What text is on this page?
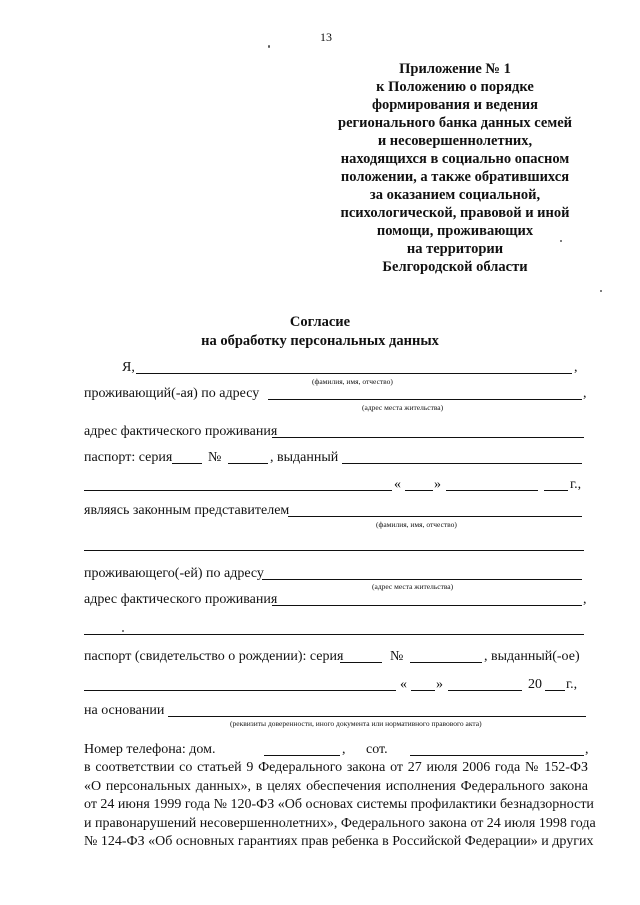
13
Приложение № 1
к Положению о порядке
формирования и ведения
регионального банка данных семей
и несовершеннолетних,
находящихся в социально опасном
положении, а также обратившихся
за оказанием социальной,
психологической, правовой и иной
помощи, проживающих
на территории
Белгородской области
Согласие
на обработку персональных данных
Я,	,
(фамилия, имя, отчество)
проживающий(-ая) по адресу	,
(адрес места жительства)
адрес фактического проживания
паспорт: серия	№	, выданный
« »	г.,
являясь законным представителем
(фамилия, имя, отчество)
проживающего(-ей) по адресу
(адрес места жительства)
адрес фактического проживания	,
паспорт (свидетельство о рождении): серия	№	, выданный(-ое)
« »	20 г.,
на основании
(реквизиты доверенности, иного документа или нормативного правового акта)
Номер телефона: дом.	, сот.	,
в соответствии со статьей 9 Федерального закона от 27 июля 2006 года № 152-ФЗ
«О персональных данных», в целях обеспечения исполнения Федерального закона
от 24 июня 1999 года № 120-ФЗ «Об основах системы профилактики безнадзорности
и правонарушений несовершеннолетних», Федерального закона от 24 июля 1998 года
№ 124-ФЗ «Об основных гарантиях прав ребенка в Российской Федерации» и других
